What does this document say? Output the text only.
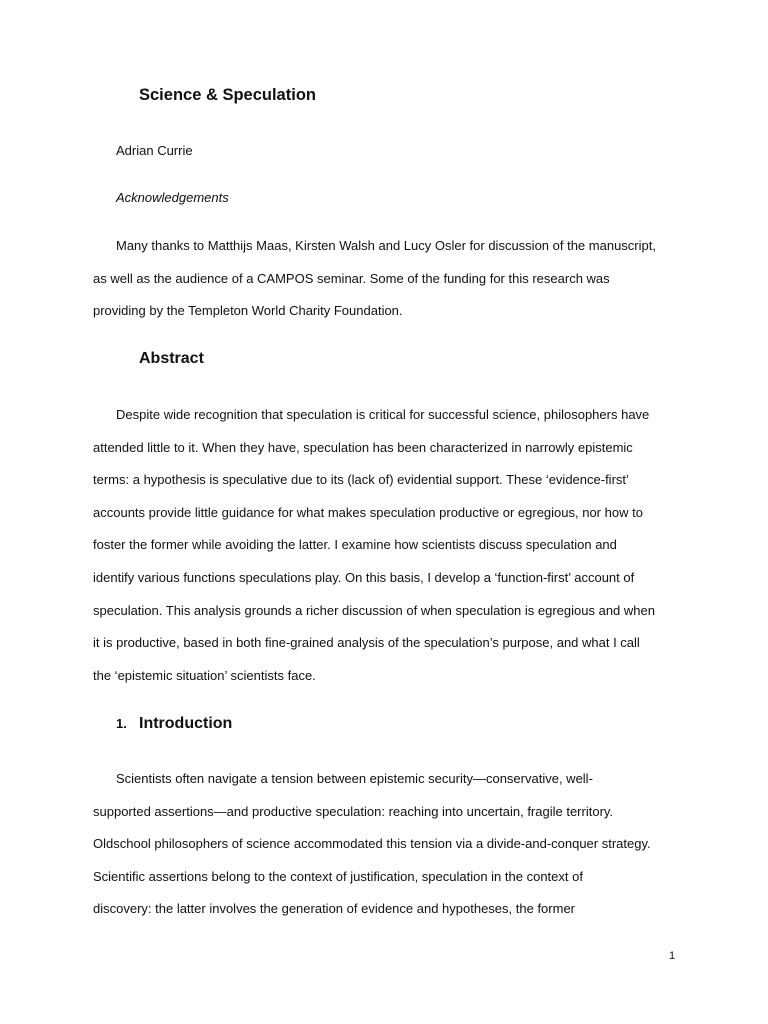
Science & Speculation
Adrian Currie
Acknowledgements
Many thanks to Matthijs Maas, Kirsten Walsh and Lucy Osler for discussion of the manuscript,
as well as the audience of a CAMPOS seminar. Some of the funding for this research was
providing by the Templeton World Charity Foundation.
Abstract
Despite wide recognition that speculation is critical for successful science, philosophers have
attended little to it. When they have, speculation has been characterized in narrowly epistemic
terms: a hypothesis is speculative due to its (lack of) evidential support. These ‘evidence-first’
accounts provide little guidance for what makes speculation productive or egregious, nor how to
foster the former while avoiding the latter. I examine how scientists discuss speculation and
identify various functions speculations play. On this basis, I develop a ‘function-first’ account of
speculation. This analysis grounds a richer discussion of when speculation is egregious and when
it is productive, based in both fine-grained analysis of the speculation’s purpose, and what I call
the ‘epistemic situation’ scientists face.
1. Introduction
Scientists often navigate a tension between epistemic security—conservative, well-
supported assertions—and productive speculation: reaching into uncertain, fragile territory.
Oldschool philosophers of science accommodated this tension via a divide-and-conquer strategy.
Scientific assertions belong to the context of justification, speculation in the context of
discovery: the latter involves the generation of evidence and hypotheses, the former
1
